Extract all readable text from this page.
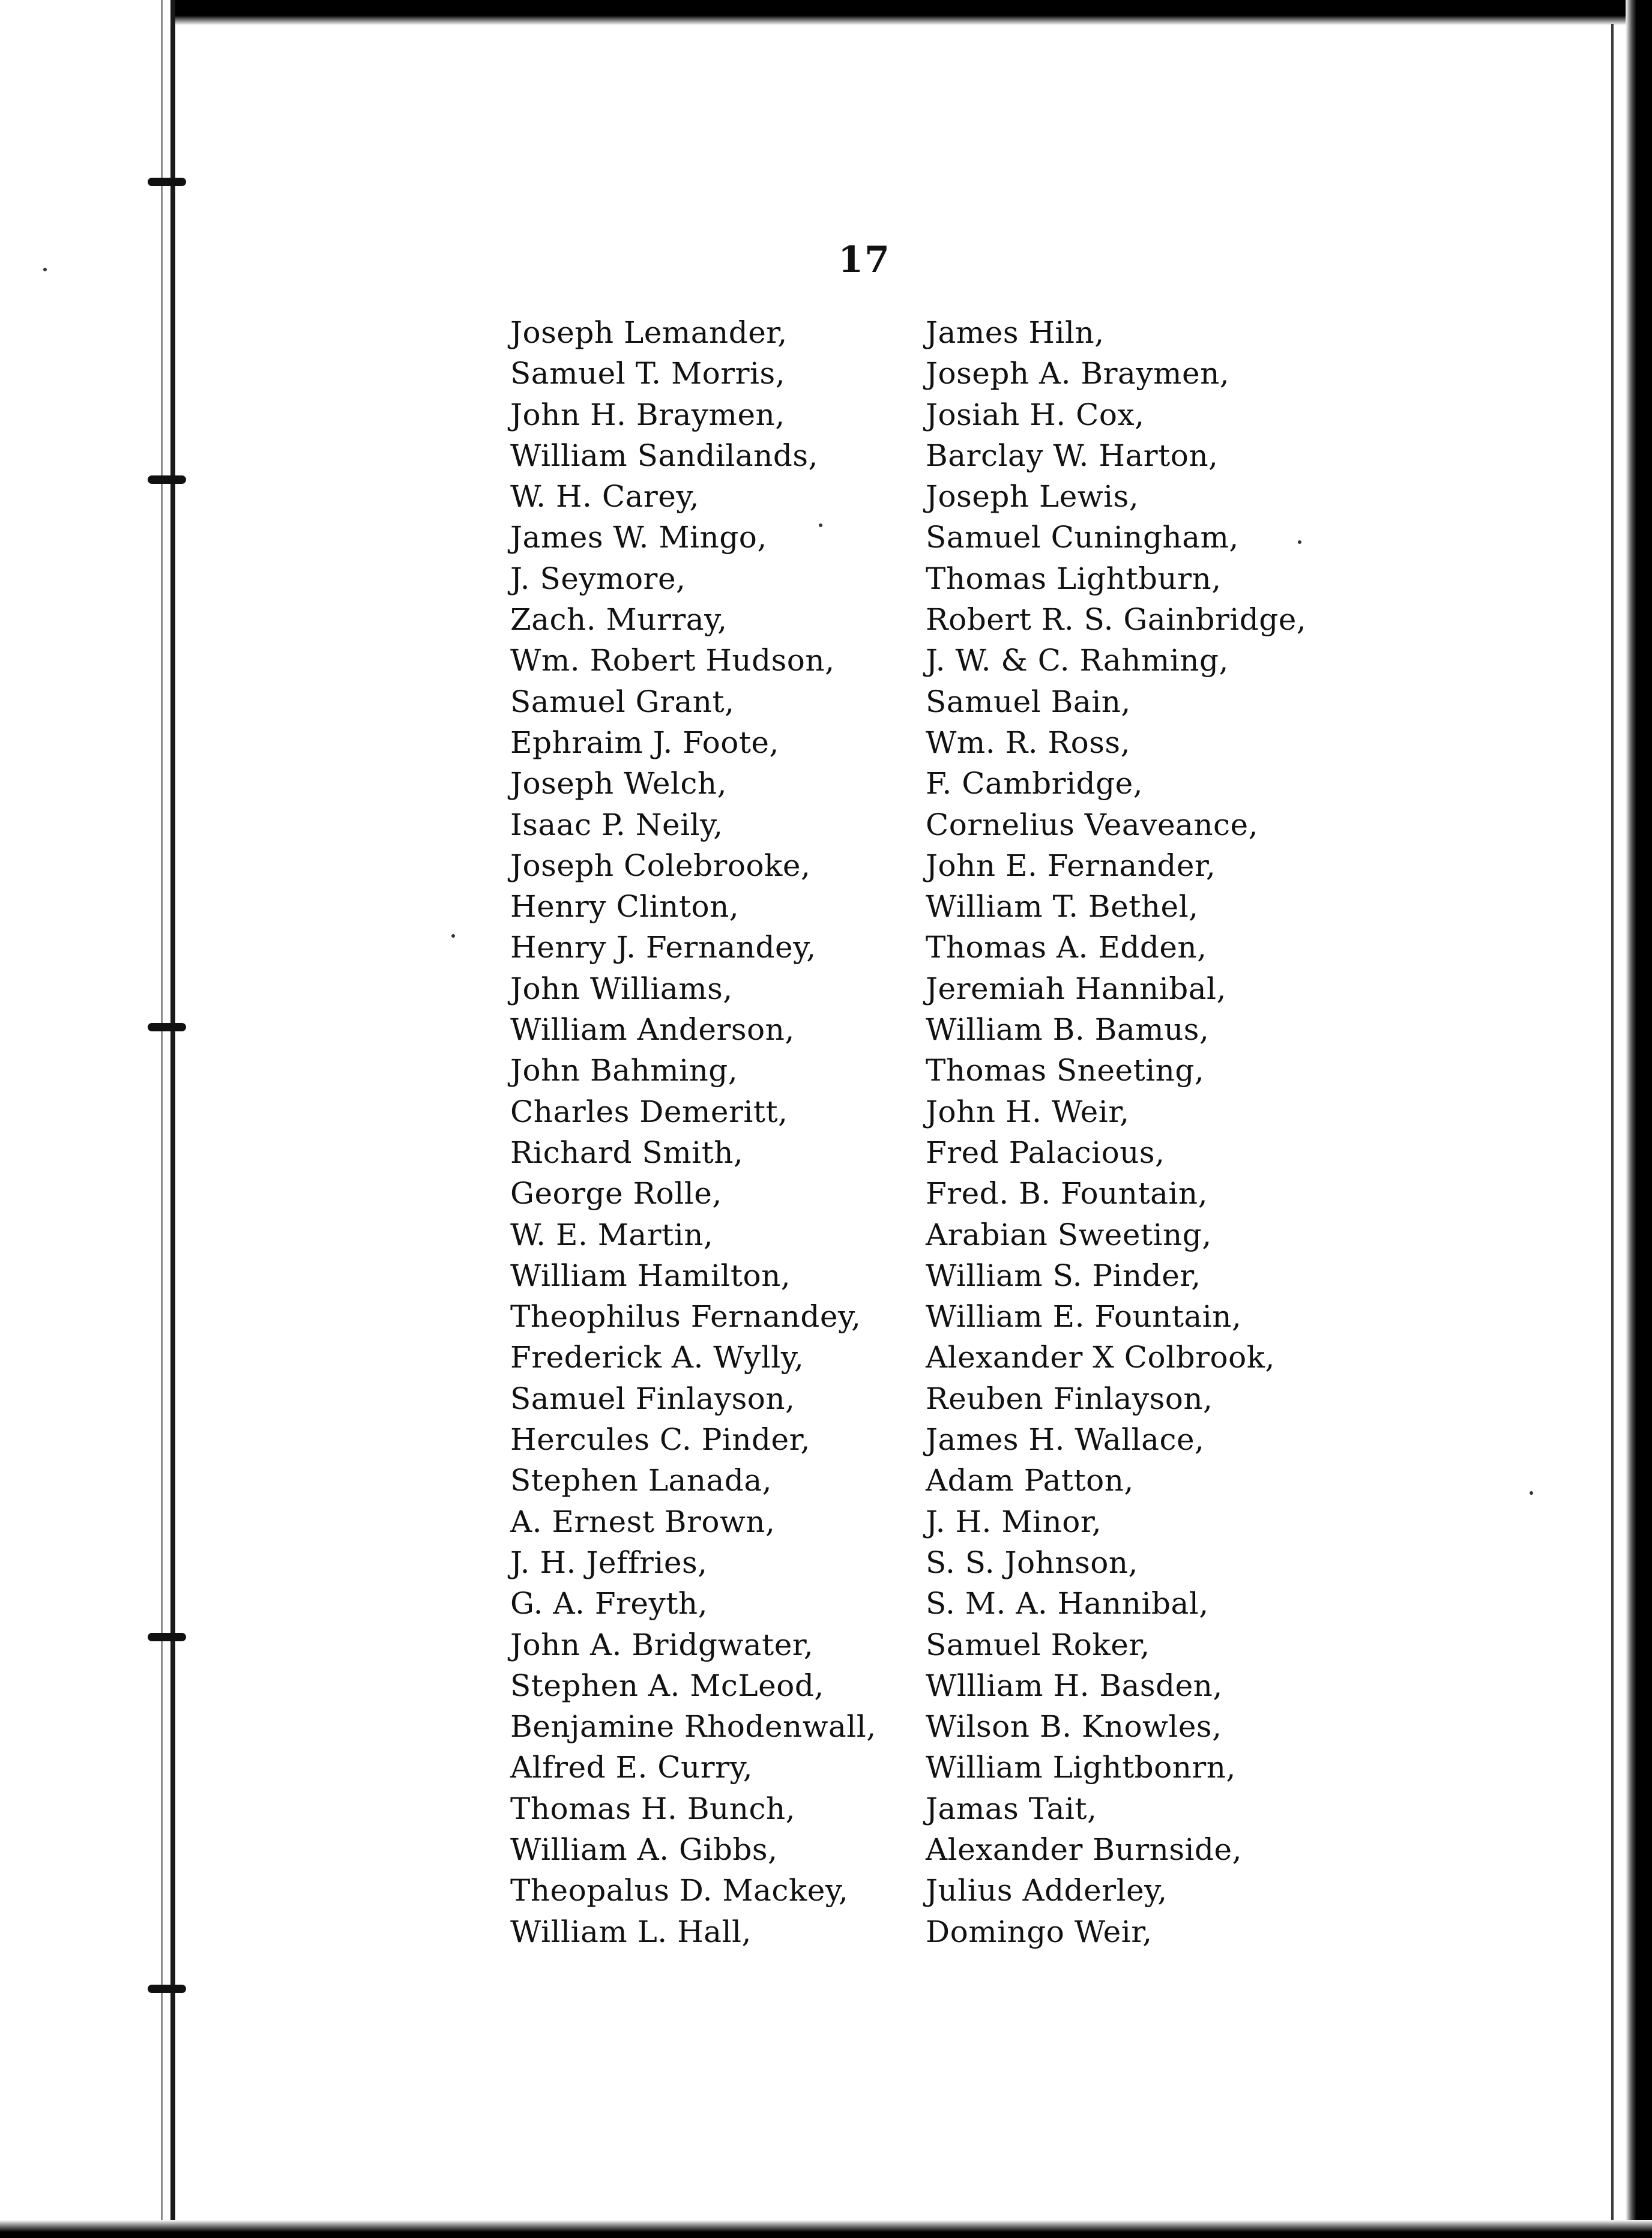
17
Joseph Lemander,
Samuel T. Morris,
John H. Braymen,
William Sandilands,
W. H. Carey,
James W. Mingo,
J. Seymore,
Zach. Murray,
Wm. Robert Hudson,
Samuel Grant,
Ephraim J. Foote,
Joseph Welch,
Isaac P. Neily,
Joseph Colebrooke,
Henry Clinton,
Henry J. Fernandey,
John Williams,
William Anderson,
John Bahming,
Charles Demeritt,
Richard Smith,
George Rolle,
W. E. Martin,
William Hamilton,
Theophilus Fernandey,
Frederick A. Wylly,
Samuel Finlayson,
Hercules C. Pinder,
Stephen Lanada,
A. Ernest Brown,
J. H. Jeffries,
G. A. Freyth,
John A. Bridgwater,
Stephen A. McLeod,
Benjamine Rhodenwall,
Alfred E. Curry,
Thomas H. Bunch,
William A. Gibbs,
Theopalus D. Mackey,
William L. Hall,
James Hiln,
Joseph A. Braymen,
Josiah H. Cox,
Barclay W. Harton,
Joseph Lewis,
Samuel Cuningham,
Thomas Lightburn,
Robert R. S. Gainbridge,
J. W. & C. Rahming,
Samuel Bain,
Wm. R. Ross,
F. Cambridge,
Cornelius Veaveance,
John E. Fernander,
William T. Bethel,
Thomas A. Edden,
Jeremiah Hannibal,
William B. Bamus,
Thomas Sneeting,
John H. Weir,
Fred Palacious,
Fred. B. Fountain,
Arabian Sweeting,
William S. Pinder,
William E. Fountain,
Alexander X Colbrook,
Reuben Finlayson,
James H. Wallace,
Adam Patton,
J. H. Minor,
S. S. Johnson,
S. M. A. Hannibal,
Samuel Roker,
Wllliam H. Basden,
Wilson B. Knowles,
William Lightbonrn,
Jamas Tait,
Alexander Burnside,
Julius Adderley,
Domingo Weir,
